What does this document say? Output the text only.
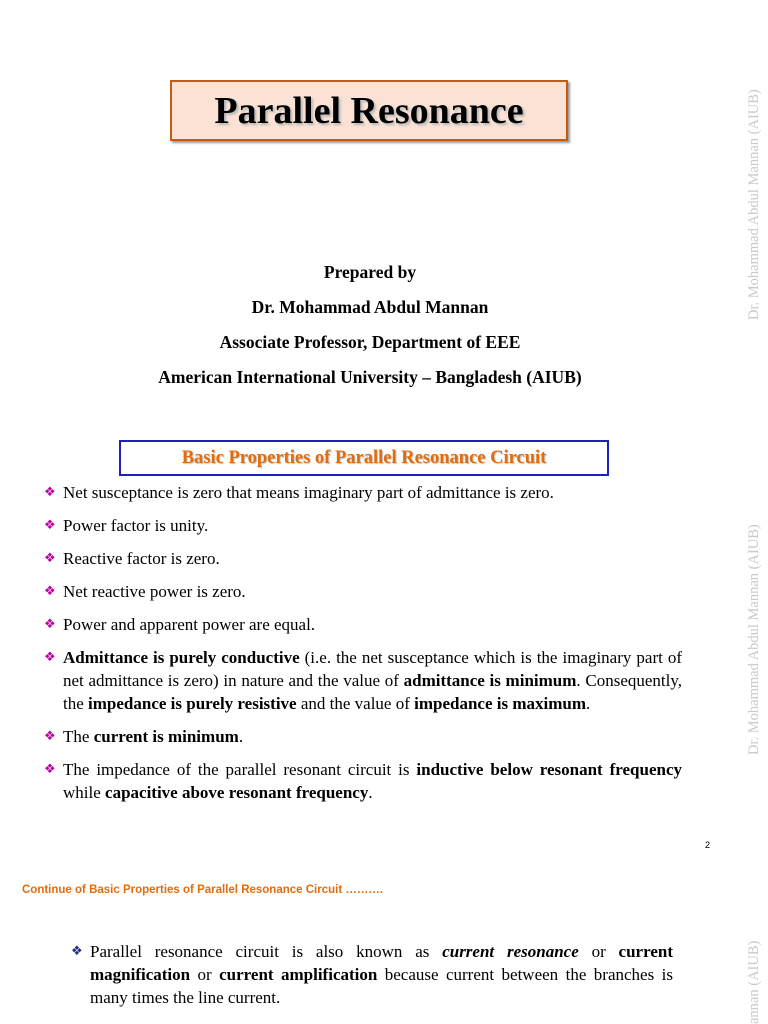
Parallel Resonance
Prepared by
Dr. Mohammad Abdul Mannan
Associate Professor, Department of EEE
American International University – Bangladesh (AIUB)
Basic Properties of Parallel Resonance Circuit
❖ Net susceptance is zero that means imaginary part of admittance is zero.
❖ Power factor is unity.
❖ Reactive factor is zero.
❖ Net reactive power is zero.
❖ Power and apparent power are equal.
❖ Admittance is purely conductive (i.e. the net susceptance which is the imaginary part of net admittance is zero) in nature and the value of admittance is minimum. Consequently, the impedance is purely resistive and the value of impedance is maximum.
❖ The current is minimum.
❖ The impedance of the parallel resonant circuit is inductive below resonant frequency while capacitive above resonant frequency.
2
Continue of Basic Properties of Parallel Resonance Circuit ……….
❖ Parallel resonance circuit is also known as current resonance or current magnification or current amplification because current between the branches is many times the line current.
Dr. Mohammad Abdul Mannan (AIUB)
Dr. Mohammad Abdul Mannan (AIUB)
annan (AIUB)
